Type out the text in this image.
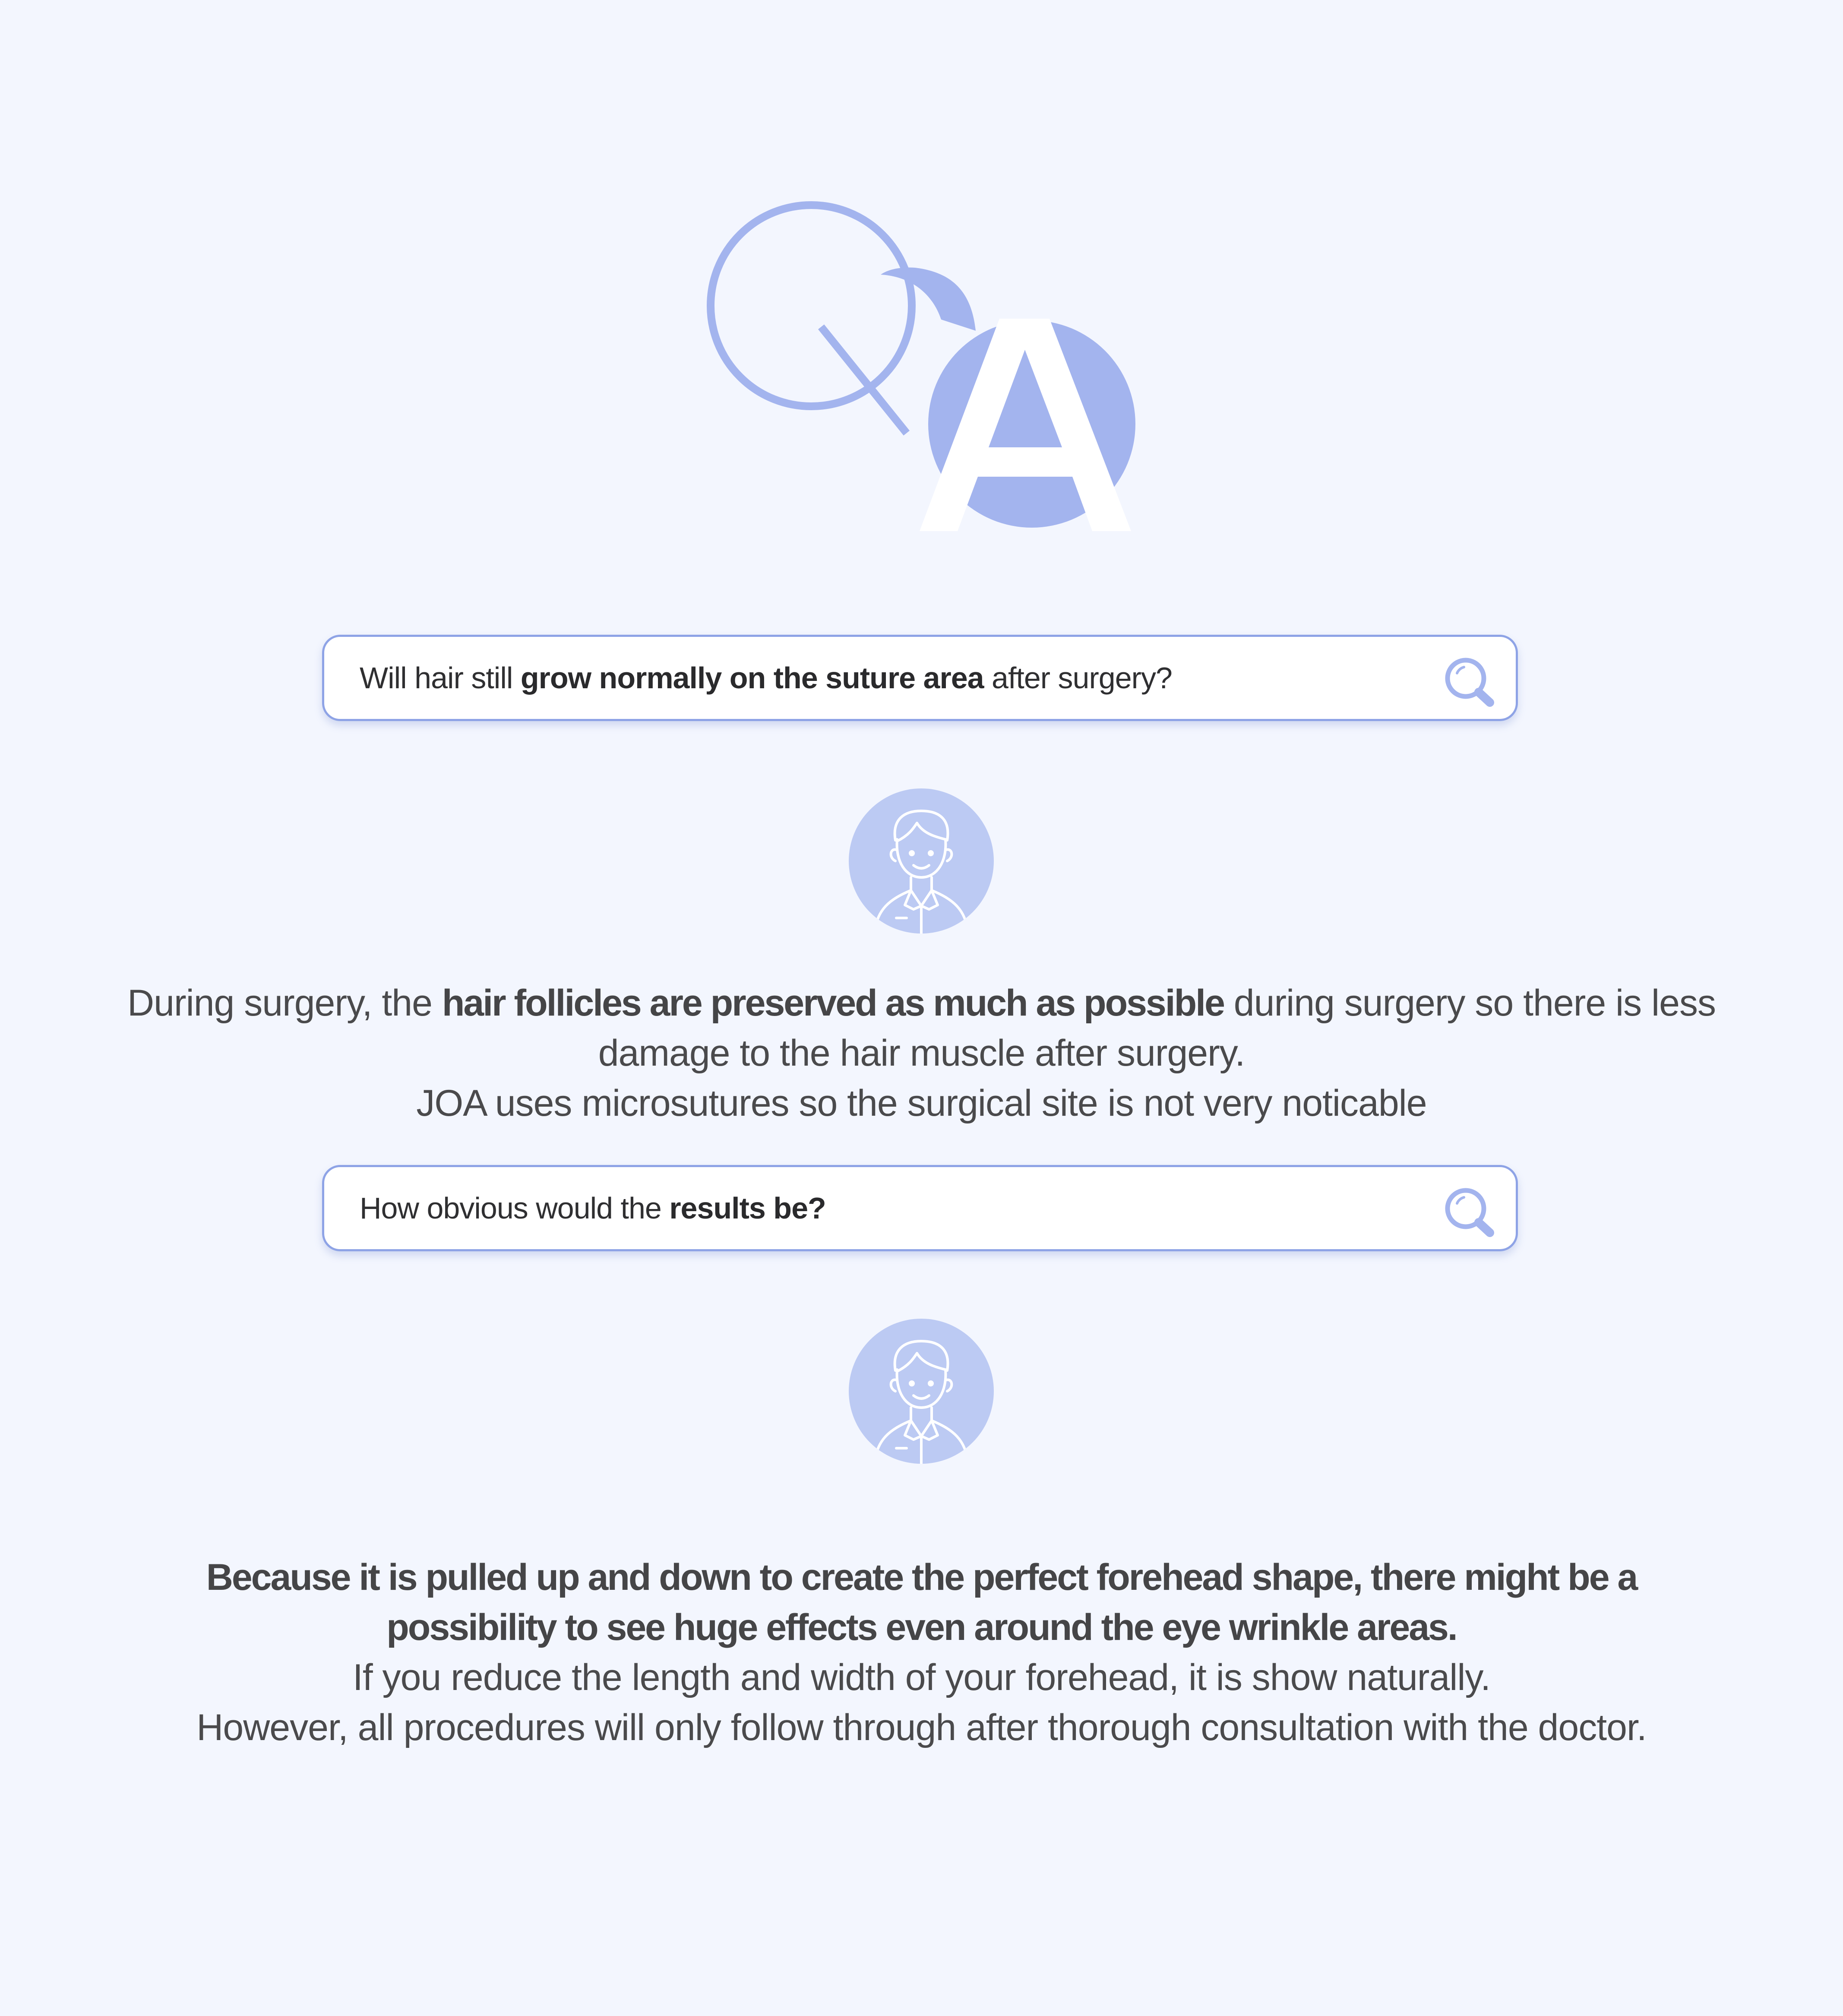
Will hair still grow normally on the suture area after surgery?
During surgery, the hair follicles are preserved as much as possible during surgery so there is less
damage to the hair muscle after surgery.
JOA uses microsutures so the surgical site is not very noticable
How obvious would the results be?
Because it is pulled up and down to create the perfect forehead shape, there might be a
possibility to see huge effects even around the eye wrinkle areas.
If you reduce the length and width of your forehead, it is show naturally.
However, all procedures will only follow through after thorough consultation with the doctor.
